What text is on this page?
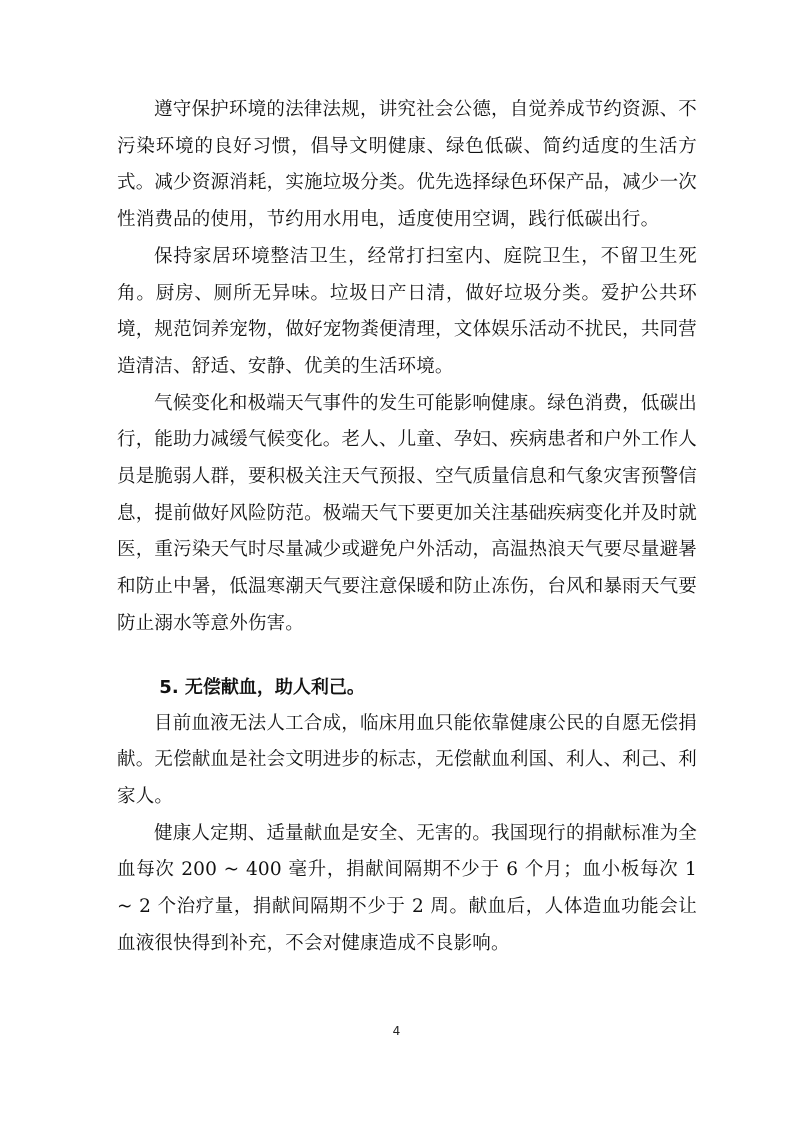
遵守保护环境的法律法规，讲究社会公德，自觉养成节约资源、不污染环境的良好习惯，倡导文明健康、绿色低碳、简约适度的生活方式。减少资源消耗，实施垃圾分类。优先选择绿色环保产品，减少一次性消费品的使用，节约用水用电，适度使用空调，践行低碳出行。

保持家居环境整洁卫生，经常打扫室内、庭院卫生，不留卫生死角。厨房、厕所无异味。垃圾日产日清，做好垃圾分类。爱护公共环境，规范饲养宠物，做好宠物粪便清理，文体娱乐活动不扰民，共同营造清洁、舒适、安静、优美的生活环境。

气候变化和极端天气事件的发生可能影响健康。绿色消费，低碳出行，能助力减缓气候变化。老人、儿童、孕妇、疾病患者和户外工作人员是脆弱人群，要积极关注天气预报、空气质量信息和气象灾害预警信息，提前做好风险防范。极端天气下要更加关注基础疾病变化并及时就医，重污染天气时尽量减少或避免户外活动，高温热浪天气要尽量避暑和防止中暑，低温寒潮天气要注意保暖和防止冻伤，台风和暴雨天气要防止溺水等意外伤害。

5. 无偿献血，助人利己。

目前血液无法人工合成，临床用血只能依靠健康公民的自愿无偿捐献。无偿献血是社会文明进步的标志，无偿献血利国、利人、利己、利家人。

健康人定期、适量献血是安全、无害的。我国现行的捐献标准为全血每次 200 ~ 400 毫升，捐献间隔期不少于 6 个月；血小板每次 1 ~ 2 个治疗量，捐献间隔期不少于 2 周。献血后，人体造血功能会让血液很快得到补充，不会对健康造成不良影响。

4
